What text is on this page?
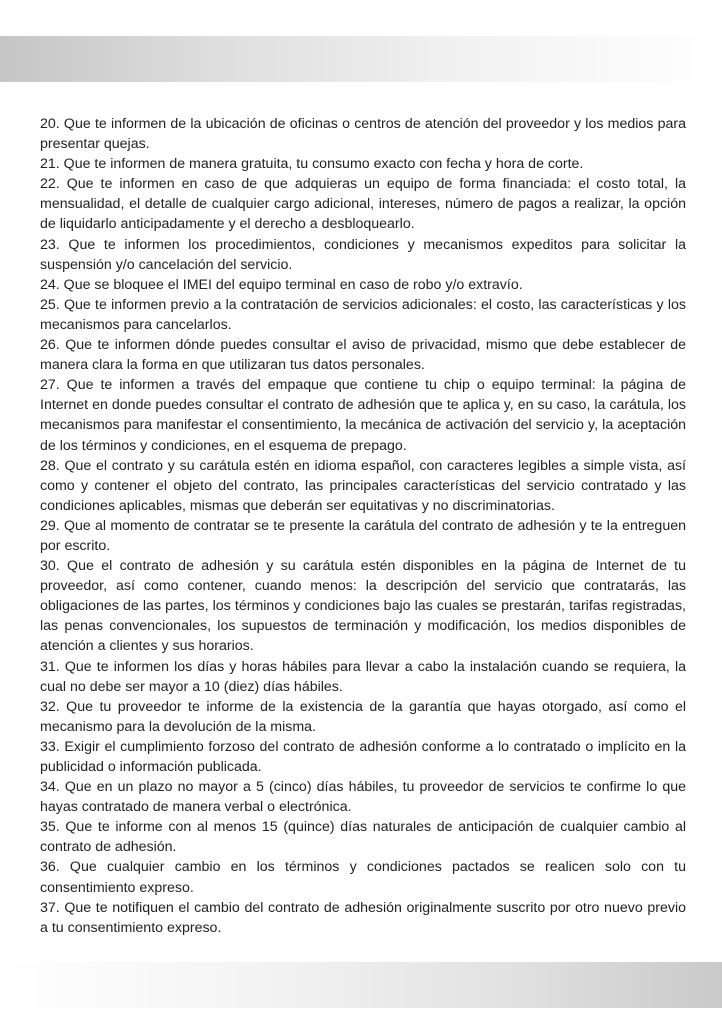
20. Que te informen de la ubicación de oficinas o centros de atención del proveedor y los medios para presentar quejas.

21. Que te informen de manera gratuita, tu consumo exacto con fecha y hora de corte.

22. Que te informen en caso de que adquieras un equipo de forma financiada: el costo total, la mensualidad, el detalle de cualquier cargo adicional, intereses, número de pagos a realizar, la opción de liquidarlo anticipadamente y el derecho a desbloquearlo.

23. Que te informen los procedimientos, condiciones y mecanismos expeditos para solicitar la suspensión y/o cancelación del servicio.

24. Que se bloquee el IMEI del equipo terminal en caso de robo y/o extravío.

25. Que te informen previo a la contratación de servicios adicionales: el costo, las características y los mecanismos para cancelarlos.

26. Que te informen dónde puedes consultar el aviso de privacidad, mismo que debe establecer de manera clara la forma en que utilizaran tus datos personales.

27. Que te informen a través del empaque que contiene tu chip o equipo terminal: la página de Internet en donde puedes consultar el contrato de adhesión que te aplica y, en su caso, la carátula, los mecanismos para manifestar el consentimiento, la mecánica de activación del servicio y, la aceptación de los términos y condiciones, en el esquema de prepago.

28. Que el contrato y su carátula estén en idioma español, con caracteres legibles a simple vista, así como y contener el objeto del contrato, las principales características del servicio contratado y las condiciones aplicables, mismas que deberán ser equitativas y no discriminatorias.

29. Que al momento de contratar se te presente la carátula del contrato de adhesión y te la entreguen por escrito.

30. Que el contrato de adhesión y su carátula estén disponibles en la página de Internet de tu proveedor, así como contener, cuando menos: la descripción del servicio que contratarás, las obligaciones de las partes, los términos y condiciones bajo las cuales se prestarán, tarifas registradas, las penas convencionales, los supuestos de terminación y modificación, los medios disponibles de atención a clientes y sus horarios.

31. Que te informen los días y horas hábiles para llevar a cabo la instalación cuando se requiera, la cual no debe ser mayor a 10 (diez) días hábiles.

32. Que tu proveedor te informe de la existencia de la garantía que hayas otorgado, así como el mecanismo para la devolución de la misma.

33. Exigir el cumplimiento forzoso del contrato de adhesión conforme a lo contratado o implícito en la publicidad o información publicada.

34. Que en un plazo no mayor a 5 (cinco) días hábiles, tu proveedor de servicios te confirme lo que hayas contratado de manera verbal o electrónica.

35. Que te informe con al menos 15 (quince) días naturales de anticipación de cualquier cambio al contrato de adhesión.

36. Que cualquier cambio en los términos y condiciones pactados se realicen solo con tu consentimiento expreso.

37. Que te notifiquen el cambio del contrato de adhesión originalmente suscrito por otro nuevo previo a tu consentimiento expreso.
